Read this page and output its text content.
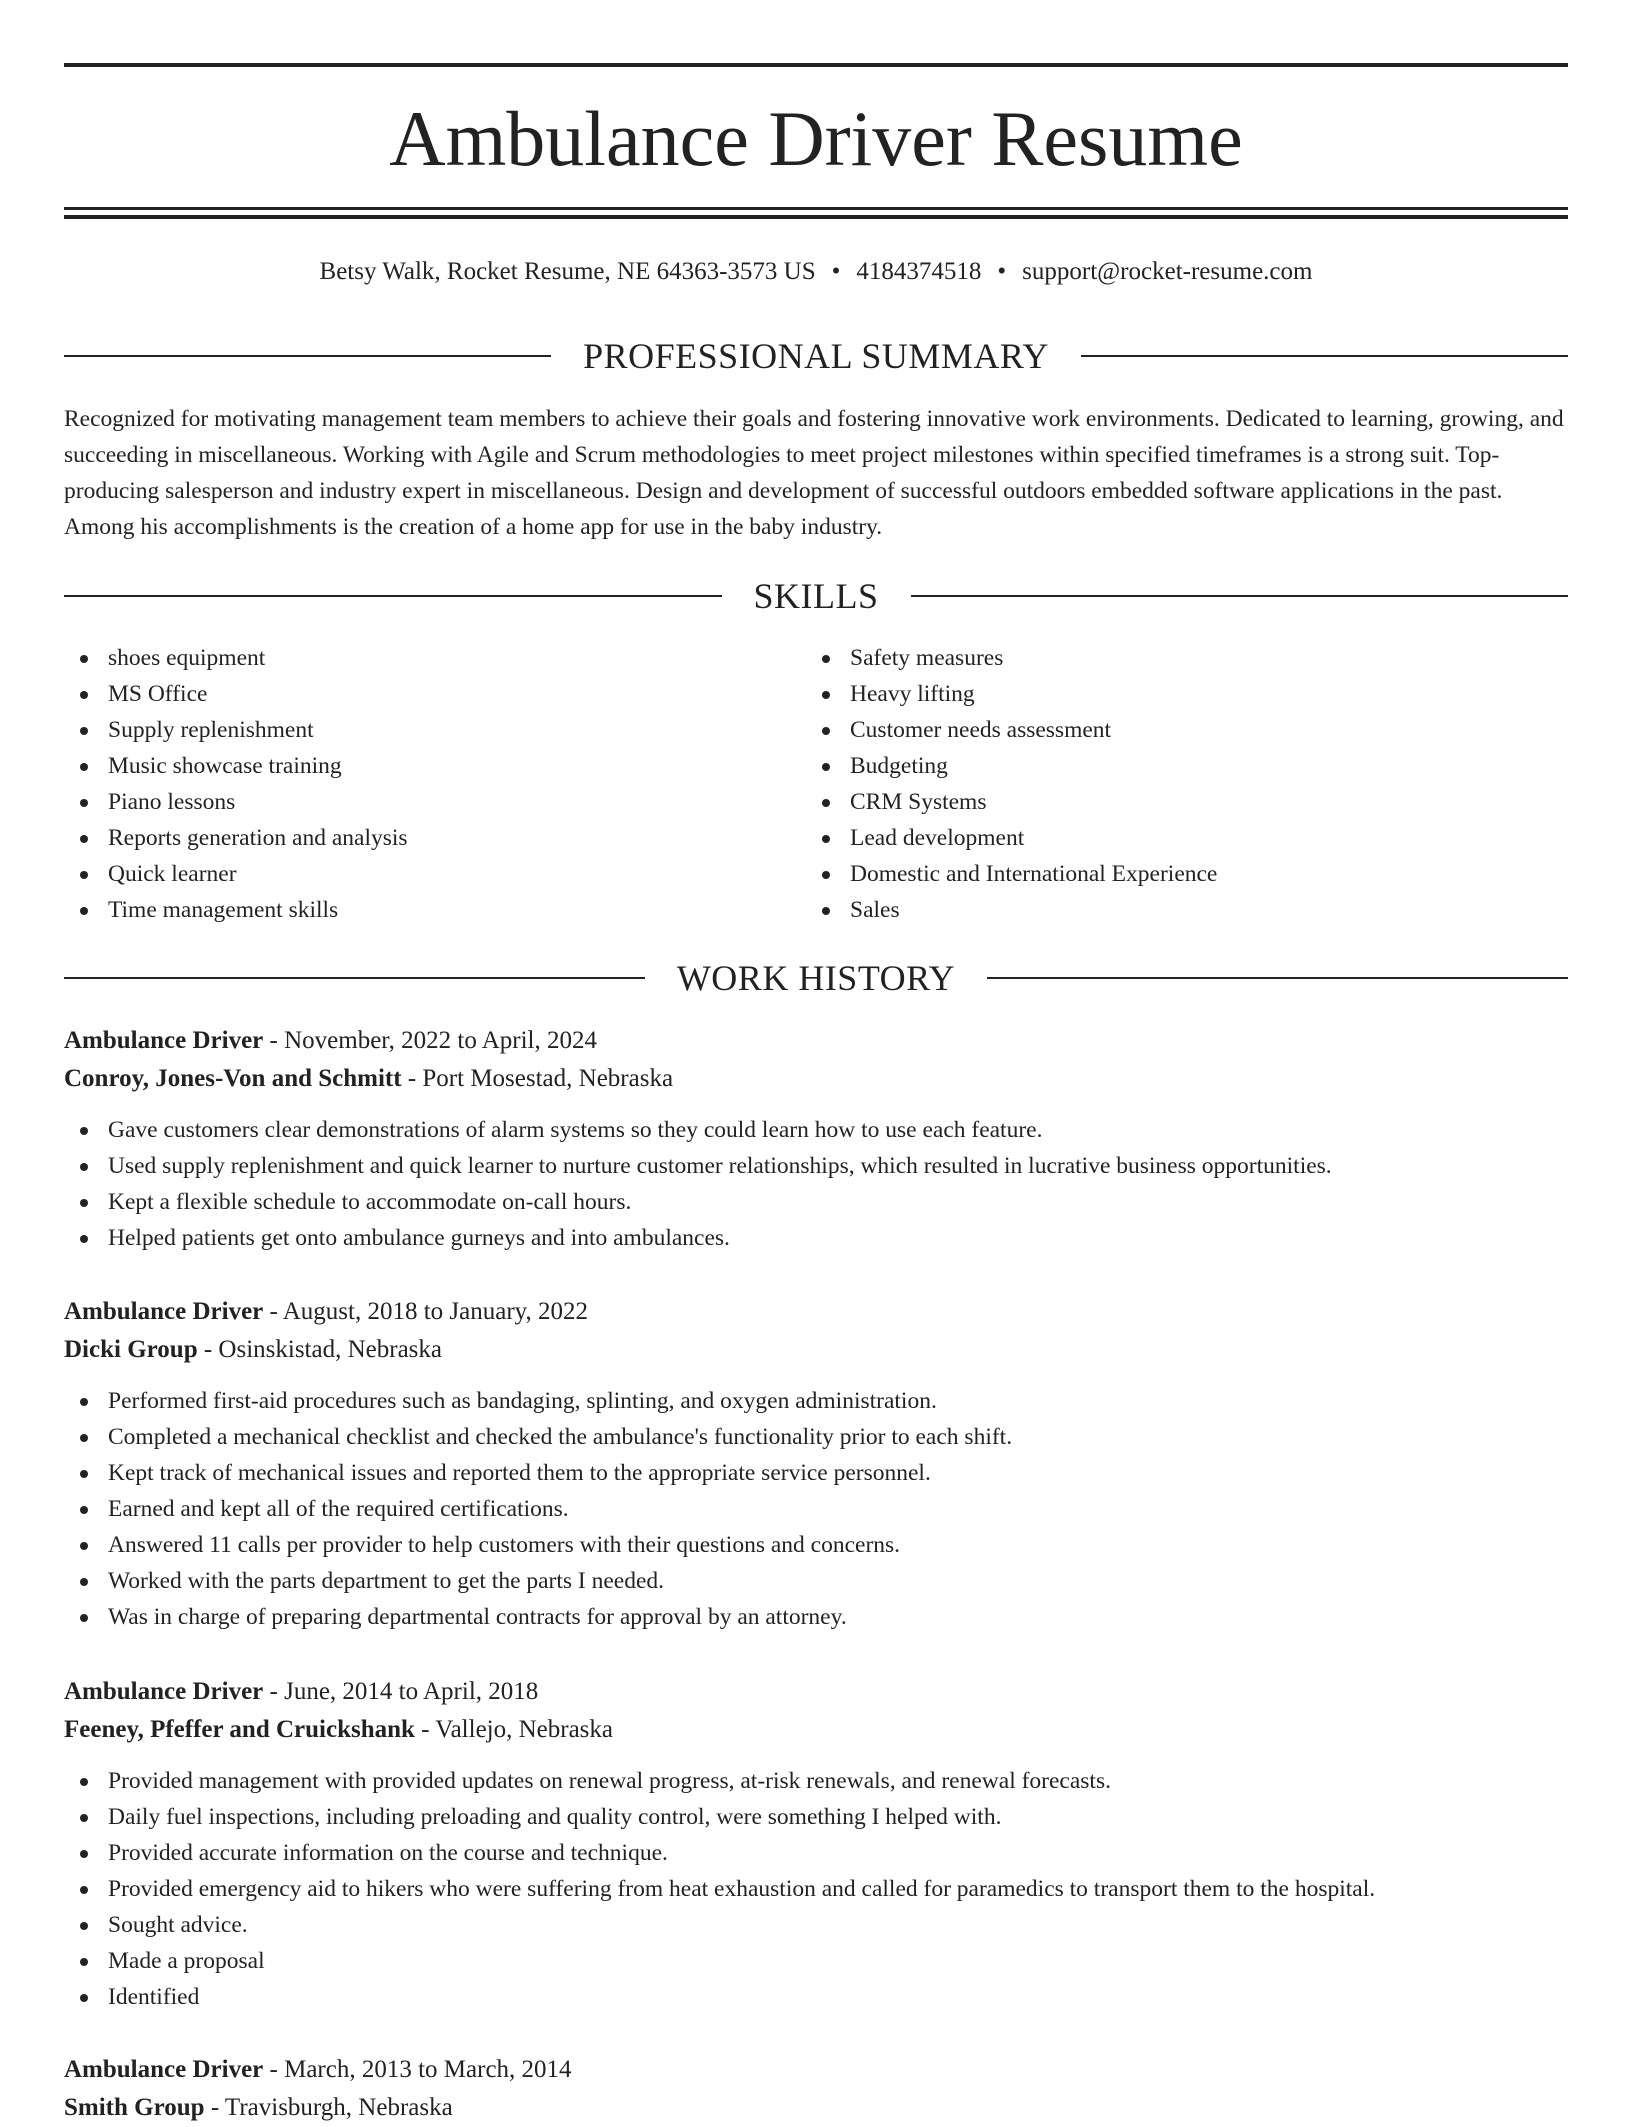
Ambulance Driver Resume
Betsy Walk, Rocket Resume, NE 64363-3573 US • 4184374518 • support@rocket-resume.com
PROFESSIONAL SUMMARY

Recognized for motivating management team members to achieve their goals and fostering innovative work environments. Dedicated to learning, growing, and succeeding in miscellaneous. Working with Agile and Scrum methodologies to meet project milestones within specified timeframes is a strong suit. Top-producing salesperson and industry expert in miscellaneous. Design and development of successful outdoors embedded software applications in the past. Among his accomplishments is the creation of a home app for use in the baby industry.

SKILLS
shoes equipment
MS Office
Supply replenishment
Music showcase training
Piano lessons
Reports generation and analysis
Quick learner
Time management skills
Safety measures
Heavy lifting
Customer needs assessment
Budgeting
CRM Systems
Lead development
Domestic and International Experience
Sales
WORK HISTORY
Ambulance Driver - November, 2022 to April, 2024
Conroy, Jones-Von and Schmitt - Port Mosestad, Nebraska
Gave customers clear demonstrations of alarm systems so they could learn how to use each feature.
Used supply replenishment and quick learner to nurture customer relationships, which resulted in lucrative business opportunities.
Kept a flexible schedule to accommodate on-call hours.
Helped patients get onto ambulance gurneys and into ambulances.
Ambulance Driver - August, 2018 to January, 2022
Dicki Group - Osinskistad, Nebraska
Performed first-aid procedures such as bandaging, splinting, and oxygen administration.
Completed a mechanical checklist and checked the ambulance's functionality prior to each shift.
Kept track of mechanical issues and reported them to the appropriate service personnel.
Earned and kept all of the required certifications.
Answered 11 calls per provider to help customers with their questions and concerns.
Worked with the parts department to get the parts I needed.
Was in charge of preparing departmental contracts for approval by an attorney.
Ambulance Driver - June, 2014 to April, 2018
Feeney, Pfeffer and Cruickshank - Vallejo, Nebraska
Provided management with provided updates on renewal progress, at-risk renewals, and renewal forecasts.
Daily fuel inspections, including preloading and quality control, were something I helped with.
Provided accurate information on the course and technique.
Provided emergency aid to hikers who were suffering from heat exhaustion and called for paramedics to transport them to the hospital.
Sought advice.
Made a proposal
Identified
Ambulance Driver - March, 2013 to March, 2014
Smith Group - Travisburgh, Nebraska
